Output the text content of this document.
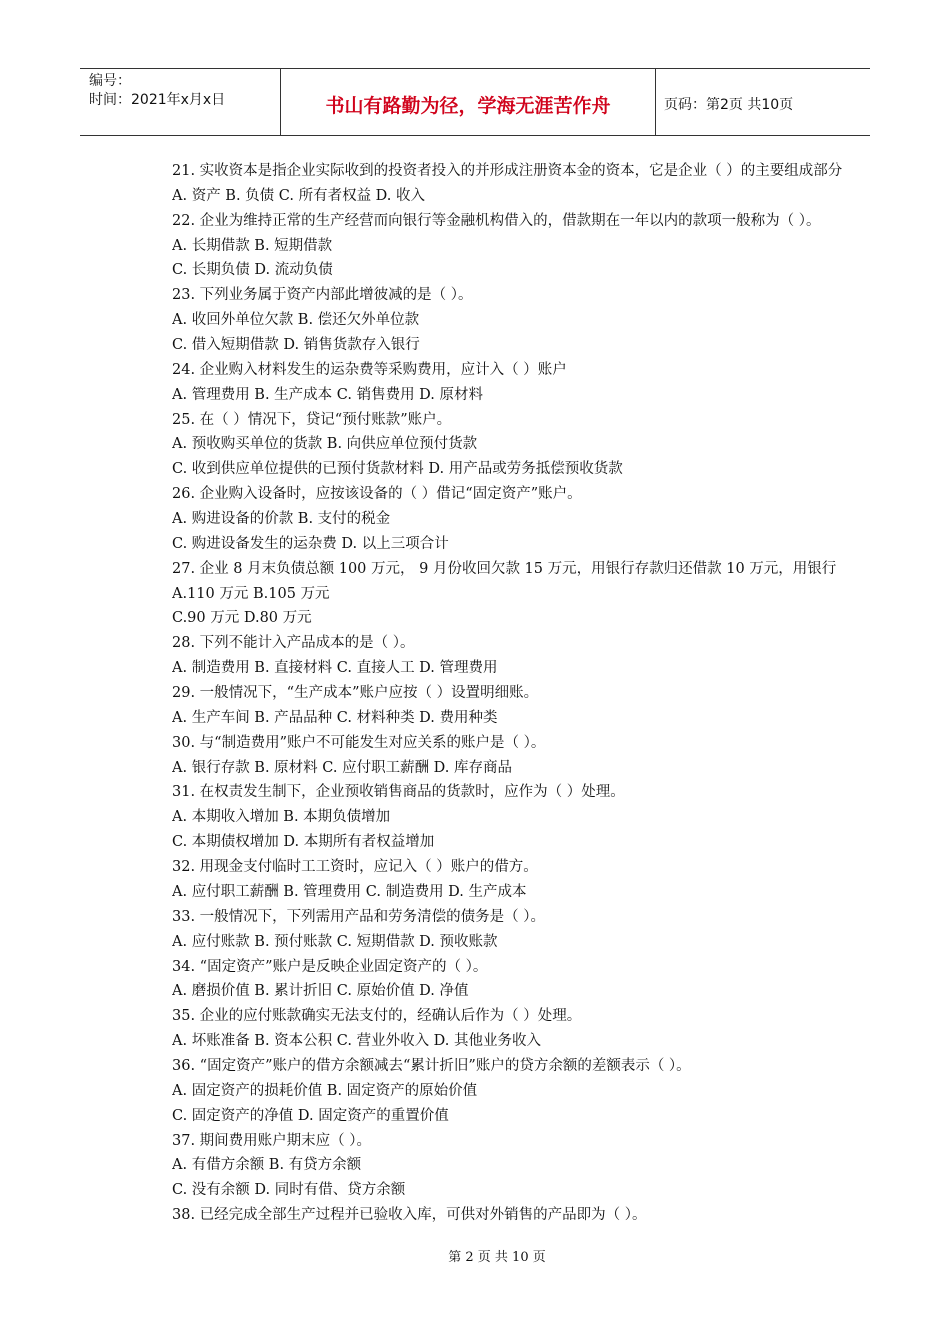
编号：
时间：2021年x月x日	书山有路勤为径，学海无涯苦作舟	页码：第2页 共10页
21. 实收资本是指企业实际收到的投资者投入的并形成注册资本金的资本，它是企业（ ）的主要组成部分
A. 资产 B. 负债 C. 所有者权益 D. 收入
22. 企业为维持正常的生产经营而向银行等金融机构借入的，借款期在一年以内的款项一般称为（ ）。
A. 长期借款 B. 短期借款
C. 长期负债 D. 流动负债
23. 下列业务属于资产内部此增彼减的是（ ）。
A. 收回外单位欠款 B. 偿还欠外单位款
C. 借入短期借款 D. 销售货款存入银行
24. 企业购入材料发生的运杂费等采购费用，应计入（ ）账户
A. 管理费用 B. 生产成本 C. 销售费用 D. 原材料
25. 在（ ）情况下，贷记“预付账款”账户。
A. 预收购买单位的货款 B. 向供应单位预付货款
C. 收到供应单位提供的已预付货款材料 D. 用产品或劳务抵偿预收货款
26. 企业购入设备时，应按该设备的（ ）借记“固定资产”账户。
A. 购进设备的价款 B. 支付的税金
C. 购进设备发生的运杂费 D. 以上三项合计
27. 企业 8 月末负债总额 100 万元， 9 月份收回欠款 15 万元，用银行存款归还借款 10 万元，用银行
A.110 万元 B.105 万元
C.90 万元 D.80 万元
28. 下列不能计入产品成本的是（ ）。
A. 制造费用 B. 直接材料 C. 直接人工 D. 管理费用
29. 一般情况下，“生产成本”账户应按（ ）设置明细账。
A. 生产车间 B. 产品品种 C. 材料种类 D. 费用种类
30. 与“制造费用”账户不可能发生对应关系的账户是（ ）。
A. 银行存款 B. 原材料 C. 应付职工薪酬 D. 库存商品
31. 在权责发生制下，企业预收销售商品的货款时，应作为（ ）处理。
A. 本期收入增加 B. 本期负债增加
C. 本期债权增加 D. 本期所有者权益增加
32. 用现金支付临时工工资时，应记入（ ）账户的借方。
A. 应付职工薪酬 B. 管理费用 C. 制造费用 D. 生产成本
33. 一般情况下，下列需用产品和劳务清偿的债务是（ ）。
A. 应付账款 B. 预付账款 C. 短期借款 D. 预收账款
34. “固定资产”账户是反映企业固定资产的（ ）。
A. 磨损价值 B. 累计折旧 C. 原始价值 D. 净值
35. 企业的应付账款确实无法支付的，经确认后作为（ ）处理。
A. 坏账准备 B. 资本公积 C. 营业外收入 D. 其他业务收入
36. “固定资产”账户的借方余额减去“累计折旧”账户的贷方余额的差额表示（ ）。
A. 固定资产的损耗价值 B. 固定资产的原始价值
C. 固定资产的净值 D. 固定资产的重置价值
37. 期间费用账户期末应（ ）。
A. 有借方余额 B. 有贷方余额
C. 没有余额 D. 同时有借、贷方余额
38. 已经完成全部生产过程并已验收入库，可供对外销售的产品即为（ ）。
第 2 页 共 10 页
